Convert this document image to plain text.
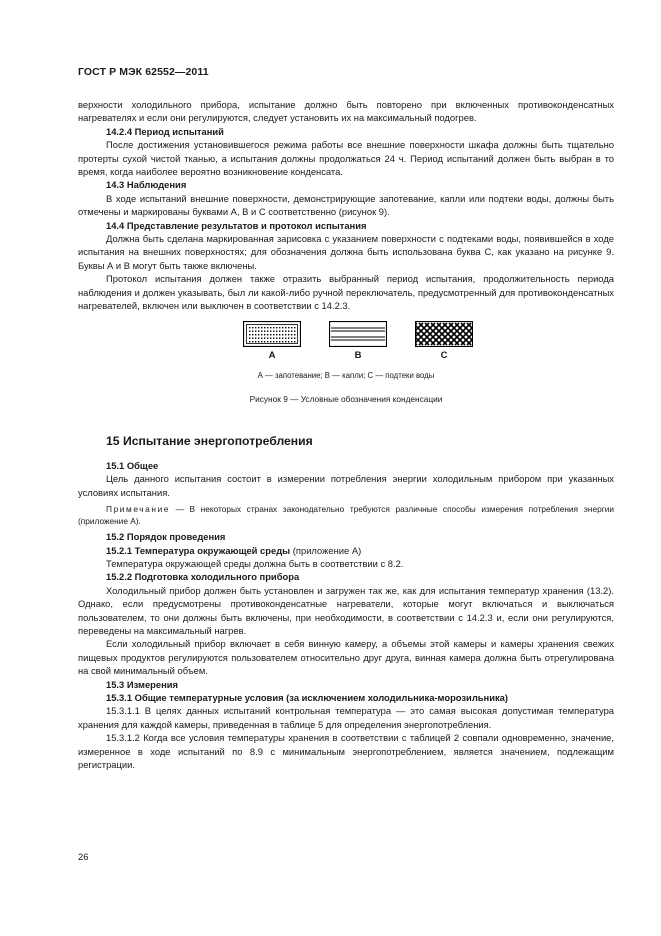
ГОСТ Р МЭК 62552—2011

верхности холодильного прибора, испытание должно быть повторено при включенных противоконденсатных нагревателях и если они регулируются, следует установить их на максимальный подогрев.

14.2.4 Период испытаний

После достижения установившегося режима работы все внешние поверхности шкафа должны быть тщательно протерты сухой чистой тканью, а испытания должны продолжаться 24 ч. Период испытаний должен быть выбран в то время, когда наиболее вероятно возникновение конденсата.

14.3 Наблюдения

В ходе испытаний внешние поверхности, демонстрирующие запотевание, капли или подтеки воды, должны быть отмечены и маркированы буквами А, В и С соответственно (рисунок 9).

14.4 Представление результатов и протокол испытания

Должна быть сделана маркированная зарисовка с указанием поверхности с подтеками воды, появившейся в ходе испытания на внешних поверхностях; для обозначения должна быть использована буква С, как указано на рисунке 9. Буквы А и В могут быть также включены.

Протокол испытания должен также отразить выбранный период испытания, продолжительность периода наблюдения и должен указывать, был ли какой-либо ручной переключатель, предусмотренный для противоконденсатных нагревателей, включен или выключен в соответствии с 14.2.3.

A	B	C
А — запотевание; В — капли; С — подтеки воды
Рисунок 9 — Условные обозначения конденсации

15 Испытание энергопотребления

15.1 Общее

Цель данного испытания состоит в измерении потребления энергии холодильным прибором при указанных условиях испытания.

Примечание — В некоторых странах законодательно требуются различные способы измерения потребления энергии (приложение А).

15.2 Порядок проведения

15.2.1 Температура окружающей среды (приложение А)

Температура окружающей среды должна быть в соответствии с 8.2.

15.2.2 Подготовка холодильного прибора

Холодильный прибор должен быть установлен и загружен так же, как для испытания температур хранения (13.2). Однако, если предусмотрены противоконденсатные нагреватели, которые могут включаться и выключаться пользователем, то они должны быть включены, при необходимости, в соответствии с 14.2.3 и, если они регулируются, переведены на максимальный нагрев.

Если холодильный прибор включает в себя винную камеру, а объемы этой камеры и камеры хранения свежих пищевых продуктов регулируются пользователем относительно друг друга, винная камера должна быть отрегулирована на свой минимальный объем.

15.3 Измерения

15.3.1 Общие температурные условия (за исключением холодильника-морозильника)

15.3.1.1 В целях данных испытаний контрольная температура — это самая высокая допустимая температура хранения для каждой камеры, приведенная в таблице 5 для определения энергопотребления.

15.3.1.2 Когда все условия температуры хранения в соответствии с таблицей 2 совпали одновременно, значение, измеренное в ходе испытаний по 8.9 с минимальным энергопотреблением, является значением, подлежащим регистрации.

26
